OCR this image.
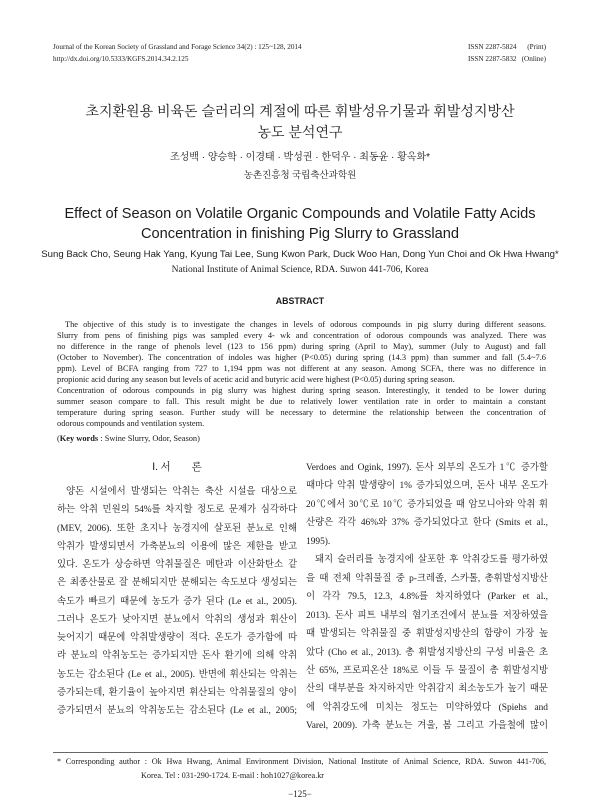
Journal of the Korean Society of Grassland and Forage Science 34(2) : 125~128, 2014
http://dx.doi.org/10.5333/KGFS.2014.34.2.125
ISSN 2287-5824 (Print)
ISSN 2287-5832 (Online)
초지환원용 비육돈 슬러리의 계절에 따른 휘발성유기물과 휘발성지방산
농도 분석연구
조성백 · 양승학 · 이경태 · 박성권 · 한덕우 · 최동윤 · 황옥화*
농촌진흥청 국립축산과학원
Effect of Season on Volatile Organic Compounds and Volatile Fatty Acids
Concentration in finishing Pig Slurry to Grassland
Sung Back Cho, Seung Hak Yang, Kyung Tai Lee, Sung Kwon Park, Duck Woo Han, Dong Yun Choi and Ok Hwa Hwang*
National Institute of Animal Science, RDA. Suwon 441-706, Korea
ABSTRACT
The objective of this study is to investigate the changes in levels of odorous compounds in pig slurry during different seasons.
Slurry from pens of finishing pigs was sampled every 4- wk and concentration of odorous compounds was analyzed. There was
no difference in the range of phenols level (123 to 156 ppm) during spring (April to May), summer (July to August) and fall
(October to November). The concentration of indoles was higher (P<0.05) during spring (14.3 ppm) than summer and fall (5.4~7.6
ppm). Level of BCFA ranging from 727 to 1,194 ppm was not different at any season. Among SCFA, there was no difference in
propionic acid during any season but levels of acetic acid and butyric acid were highest (P<0.05) during spring season.
Concentration of odorous compounds in pig slurry was highest during spring season. Interestingly, it tended to be lower during
summer season compare to fall. This result might be due to relatively lower ventilation rate in order to maintain a constant
temperature during spring season. Further study will be necessary to determine the relationship between the concentration of
odorous compounds and ventilation system.
(Key words : Swine Slurry, Odor, Season)
Ⅰ. 서　　론
양돈 시설에서 발생되는 악취는 축산 시설을 대상으로
하는 악취 민원의 54%를 차지할 정도로 문제가 심각하다
(MEV, 2006). 또한 초지나 농경지에 살포된 분뇨로 인해
악취가 발생되면서 가축분뇨의 이용에 많은 제한을 받고
있다. 온도가 상승하면 악취물질은 메탄과 이산화탄소 같
은 최종산물로 잘 분해되지만 분해되는 속도보다 생성되는
속도가 빠르기 때문에 농도가 증가 된다 (Le et al., 2005).
그러나 온도가 낮아지면 분뇨에서 악취의 생성과 휘산이
늦어지기 때문에 악취발생량이 적다. 온도가 증가함에 따
라 분뇨의 악취농도는 증가되지만 돈사 환기에 의해 악취
농도는 감소된다 (Le et al., 2005). 반면에 휘산되는 악취는
증가되는데, 환기율이 높아지면 휘산되는 악취물질의 양이
증가되면서 분뇨의 악취농도는 감소된다 (Le et al., 2005;
Verdoes and Ogink, 1997). 돈사 외부의 온도가 1℃ 증가할
때마다 악취 발생량이 1% 증가되었으며, 돈사 내부 온도가
20℃에서 30℃로 10℃ 증가되었을 때 암모니아와 악취 휘
산량은 각각 46%와 37% 증가되었다고 한다 (Smits et al.,
1995).
돼지 슬러리를 농경지에 살포한 후 악취강도를 평가하였
을 때 전체 악취물질 중 p-크레졸, 스카톨, 총휘발성지방산
이 각각 79.5, 12.3, 4.8%를 차지하였다 (Parker et al.,
2013). 돈사 피트 내부의 혐기조건에서 분뇨를 저장하였을
때 발생되는 악취물질 중 휘발성지방산의 함량이 가장 높
았다 (Cho et al., 2013). 총 휘발성지방산의 구성 비율은 초
산 65%, 프로피온산 18%로 이들 두 물질이 총 휘발성지방
산의 대부분을 차지하지만 악취감지 최소농도가 높기 때문
에 악취강도에 미치는 정도는 미약하였다 (Spiehs and
Varel, 2009). 가축 분뇨는 겨울, 봄 그리고 가을철에 많이
* Corresponding author : Ok Hwa Hwang, Animal Environment Division, National Institute of Animal Science, RDA. Suwon 441-706,
Korea. Tel : 031-290-1724. E-mail : hoh1027@korea.kr
−125−
